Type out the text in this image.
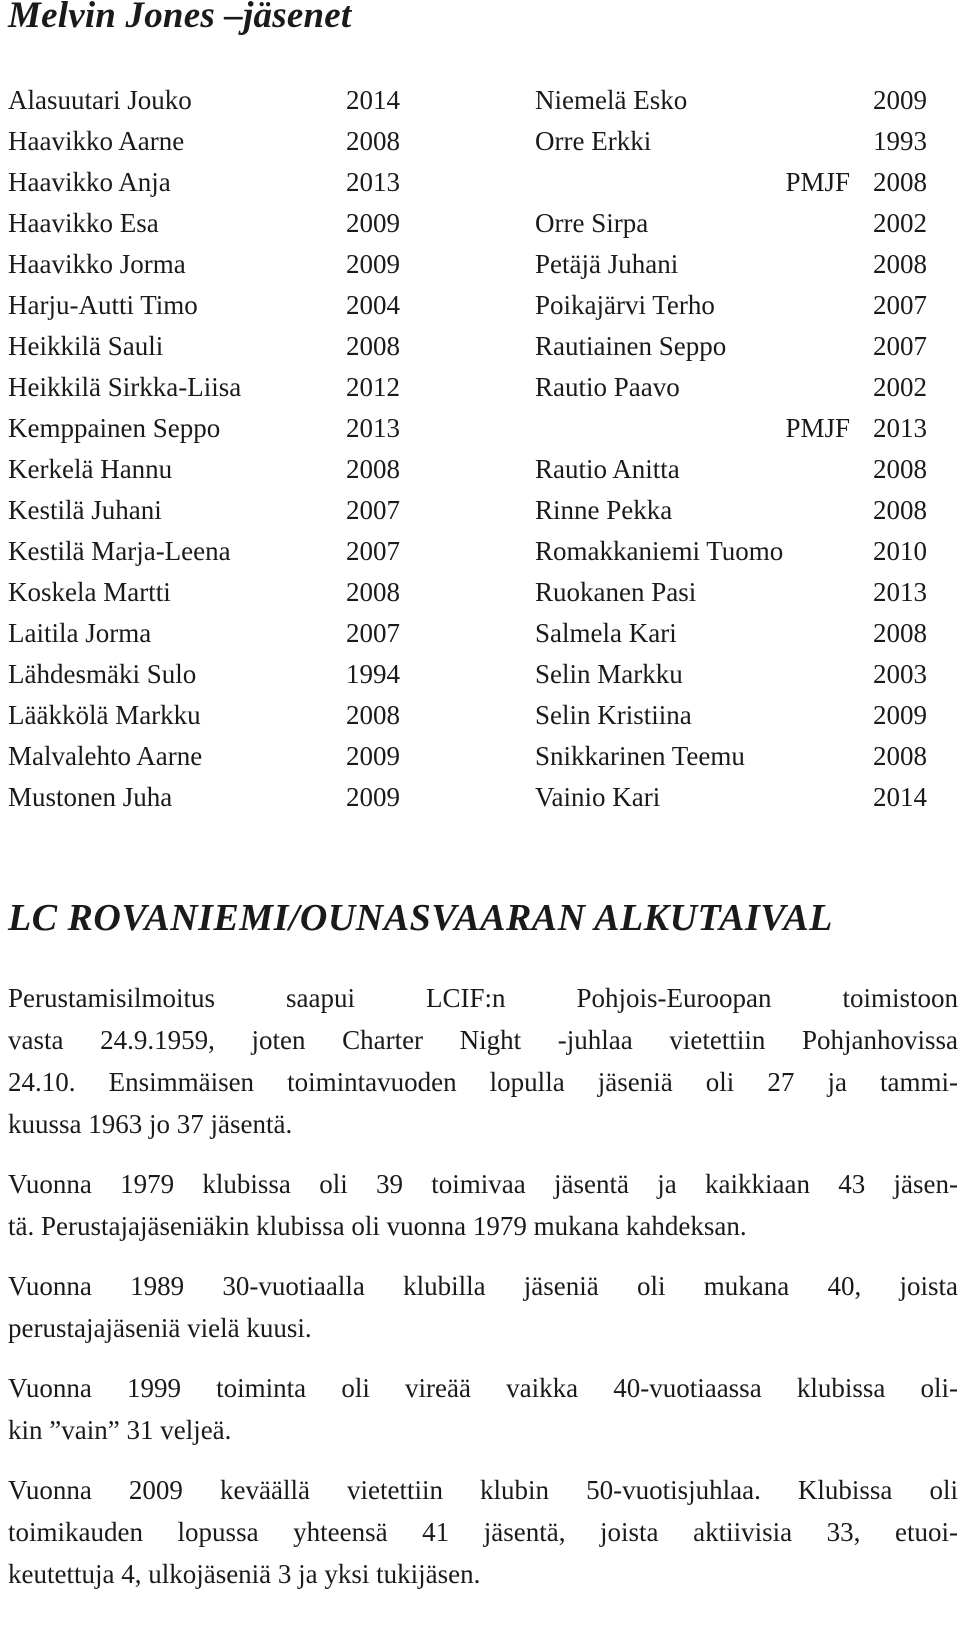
Melvin Jones –jäsenet
Alasuutari Jouko	2014
Haavikko Aarne	2008
Haavikko Anja	2013
Haavikko Esa	2009
Haavikko Jorma	2009
Harju-Autti Timo	2004
Heikkilä Sauli	2008
Heikkilä Sirkka-Liisa	2012
Kemppainen Seppo	2013
Kerkelä Hannu	2008
Kestilä Juhani	2007
Kestilä Marja-Leena	2007
Koskela Martti	2008
Laitila Jorma	2007
Lähdesmäki Sulo	1994
Lääkkölä Markku	2008
Malvalehto Aarne	2009
Mustonen Juha	2009
Niemelä Esko	2009
Orre Erkki	1993
PMJF 2008
Orre Sirpa	2002
Petäjä Juhani	2008
Poikajärvi Terho	2007
Rautiainen Seppo	2007
Rautio Paavo	2002
PMJF 2013
Rautio Anitta	2008
Rinne Pekka	2008
Romakkaniemi Tuomo	2010
Ruokanen Pasi	2013
Salmela Kari	2008
Selin Markku	2003
Selin Kristiina	2009
Snikkarinen Teemu	2008
Vainio Kari	2014
LC ROVANIEMI/OUNASVAARAN ALKUTAIVAL
Perustamisilmoitus saapui LCIF:n Pohjois-Euroopan toimistoon
vasta 24.9.1959, joten Charter Night -juhlaa vietettiin Pohjanhovissa
24.10. Ensimmäisen toimintavuoden lopulla jäseniä oli 27 ja tammi-
kuussa 1963 jo 37 jäsentä.
Vuonna 1979 klubissa oli 39 toimivaa jäsentä ja kaikkiaan 43 jäsen-
tä. Perustajajäseniäkin klubissa oli vuonna 1979 mukana kahdeksan.
Vuonna 1989 30-vuotiaalla klubilla jäseniä oli mukana 40, joista
perustajajäseniä vielä kuusi.
Vuonna 1999 toiminta oli vireää vaikka 40-vuotiaassa klubissa oli-
kin ”vain” 31 veljeä.
Vuonna 2009 keväällä vietettiin klubin 50-vuotisjuhlaa. Klubissa oli
toimikauden lopussa yhteensä 41 jäsentä, joista aktiivisia 33, etuoi-
keutettuja 4, ulkojäseniä 3 ja yksi tukijäsen.
